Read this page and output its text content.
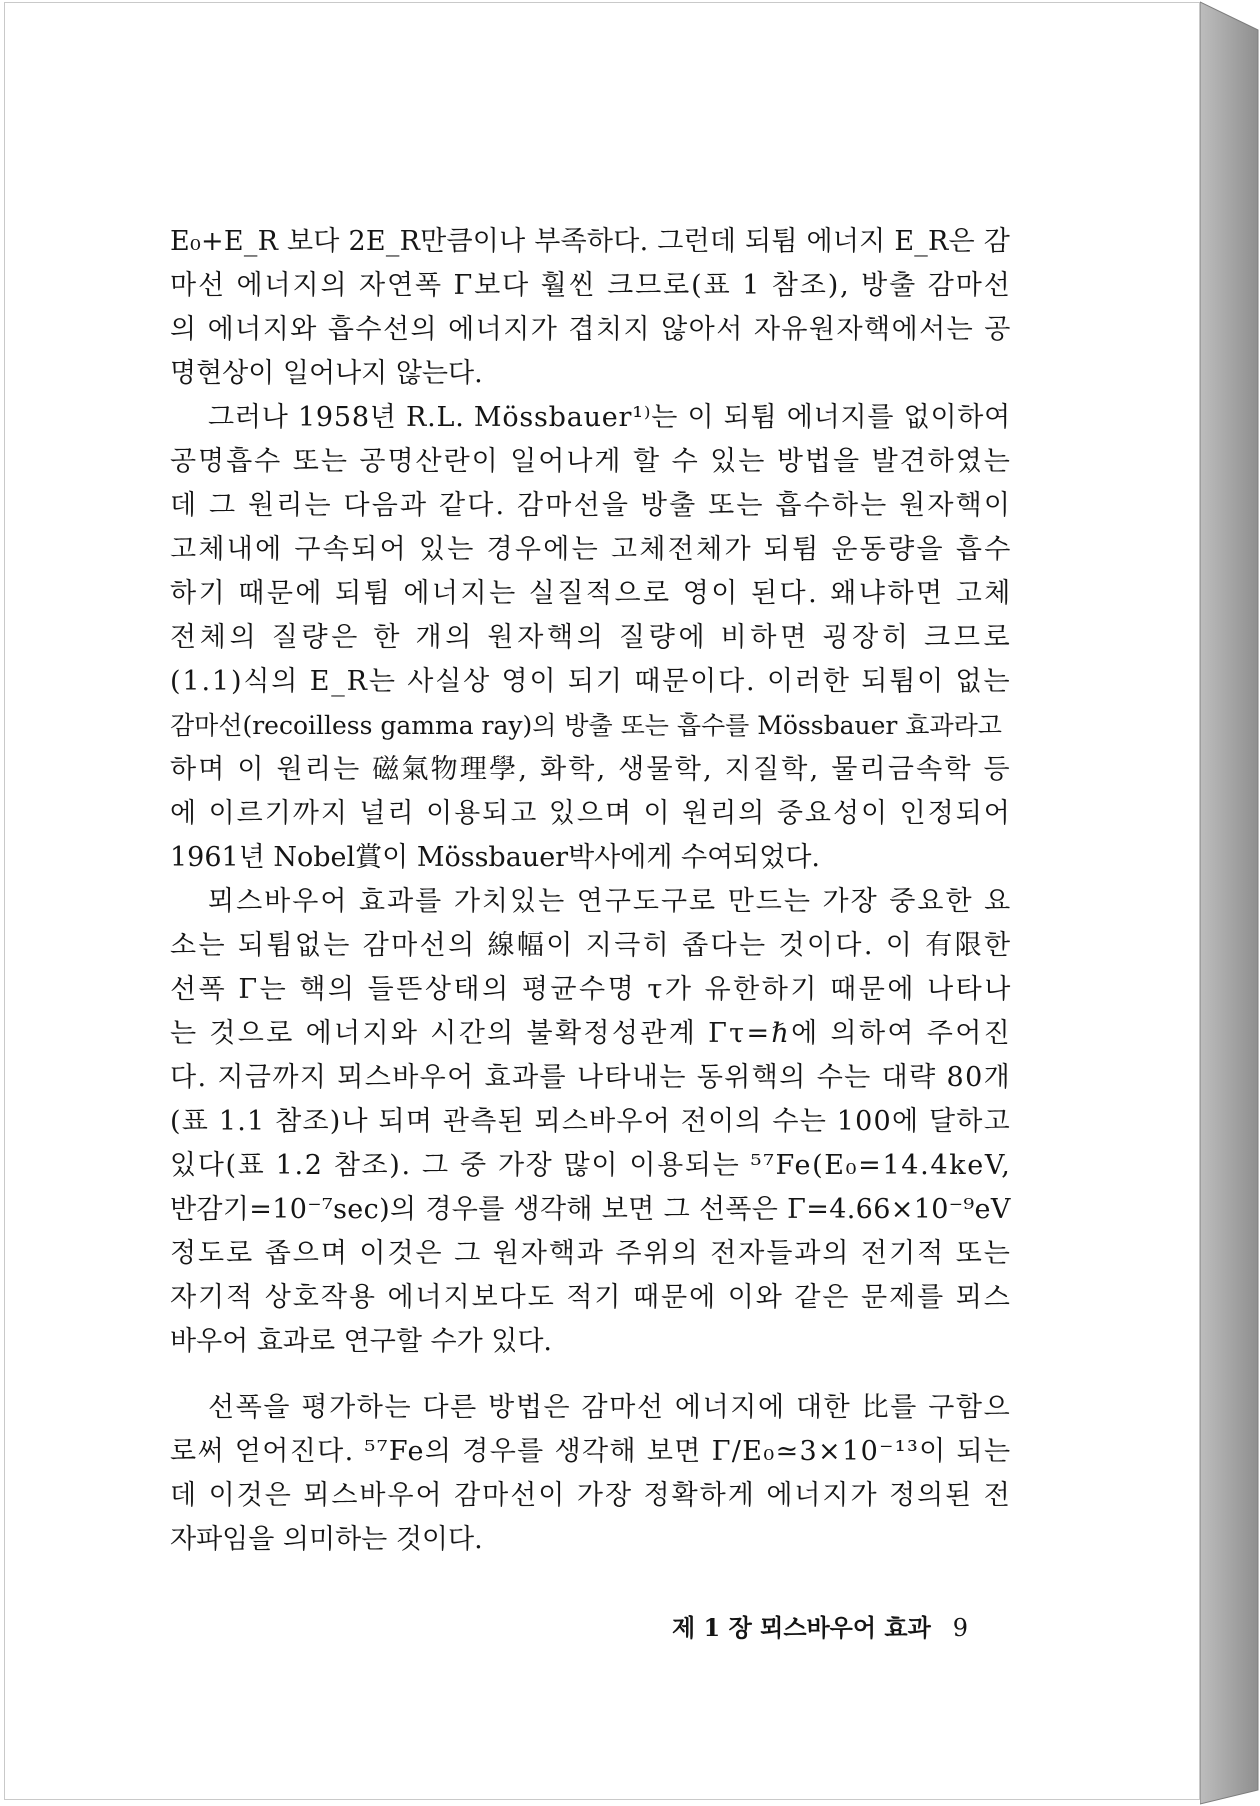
E₀+E_R 보다 2E_R만큼이나 부족하다. 그런데 되튐 에너지 E_R은 감

마선 에너지의 자연폭 Γ보다 훨씬 크므로(표 1 참조), 방출 감마선

의 에너지와 흡수선의 에너지가 겹치지 않아서 자유원자핵에서는 공

명현상이 일어나지 않는다.

그러나 1958년 R.L. Mössbauer¹⁾는 이 되튐 에너지를 없이하여

공명흡수 또는 공명산란이 일어나게 할 수 있는 방법을 발견하였는

데 그 원리는 다음과 같다. 감마선을 방출 또는 흡수하는 원자핵이

고체내에 구속되어 있는 경우에는 고체전체가 되튐 운동량을 흡수

하기 때문에 되튐 에너지는 실질적으로 영이 된다. 왜냐하면 고체

전체의 질량은 한 개의 원자핵의 질량에 비하면 굉장히 크므로

(1.1)식의 E_R는 사실상 영이 되기 때문이다. 이러한 되튐이 없는

감마선(recoilless gamma ray)의 방출 또는 흡수를 Mössbauer 효과라고

하며 이 원리는 磁氣物理學, 화학, 생물학, 지질학, 물리금속학 등

에 이르기까지 널리 이용되고 있으며 이 원리의 중요성이 인정되어

1961년 Nobel賞이 Mössbauer박사에게 수여되었다.

뫼스바우어 효과를 가치있는 연구도구로 만드는 가장 중요한 요

소는 되튐없는 감마선의 線幅이 지극히 좁다는 것이다. 이 有限한

선폭 Γ는 핵의 들뜬상태의 평균수명 τ가 유한하기 때문에 나타나

는 것으로 에너지와 시간의 불확정성관계 Γτ=ℏ에 의하여 주어진

다. 지금까지 뫼스바우어 효과를 나타내는 동위핵의 수는 대략 80개

(표 1.1 참조)나 되며 관측된 뫼스바우어 전이의 수는 100에 달하고

있다(표 1.2 참조). 그 중 가장 많이 이용되는 ⁵⁷Fe(E₀=14.4keV,

반감기=10⁻⁷sec)의 경우를 생각해 보면 그 선폭은 Γ=4.66×10⁻⁹eV

정도로 좁으며 이것은 그 원자핵과 주위의 전자들과의 전기적 또는

자기적 상호작용 에너지보다도 적기 때문에 이와 같은 문제를 뫼스

바우어 효과로 연구할 수가 있다.

선폭을 평가하는 다른 방법은 감마선 에너지에 대한 比를 구함으

로써 얻어진다. ⁵⁷Fe의 경우를 생각해 보면 Γ/E₀≃3×10⁻¹³이 되는

데 이것은 뫼스바우어 감마선이 가장 정확하게 에너지가 정의된 전

자파임을 의미하는 것이다.

제 1 장 뫼스바우어 효과 9
